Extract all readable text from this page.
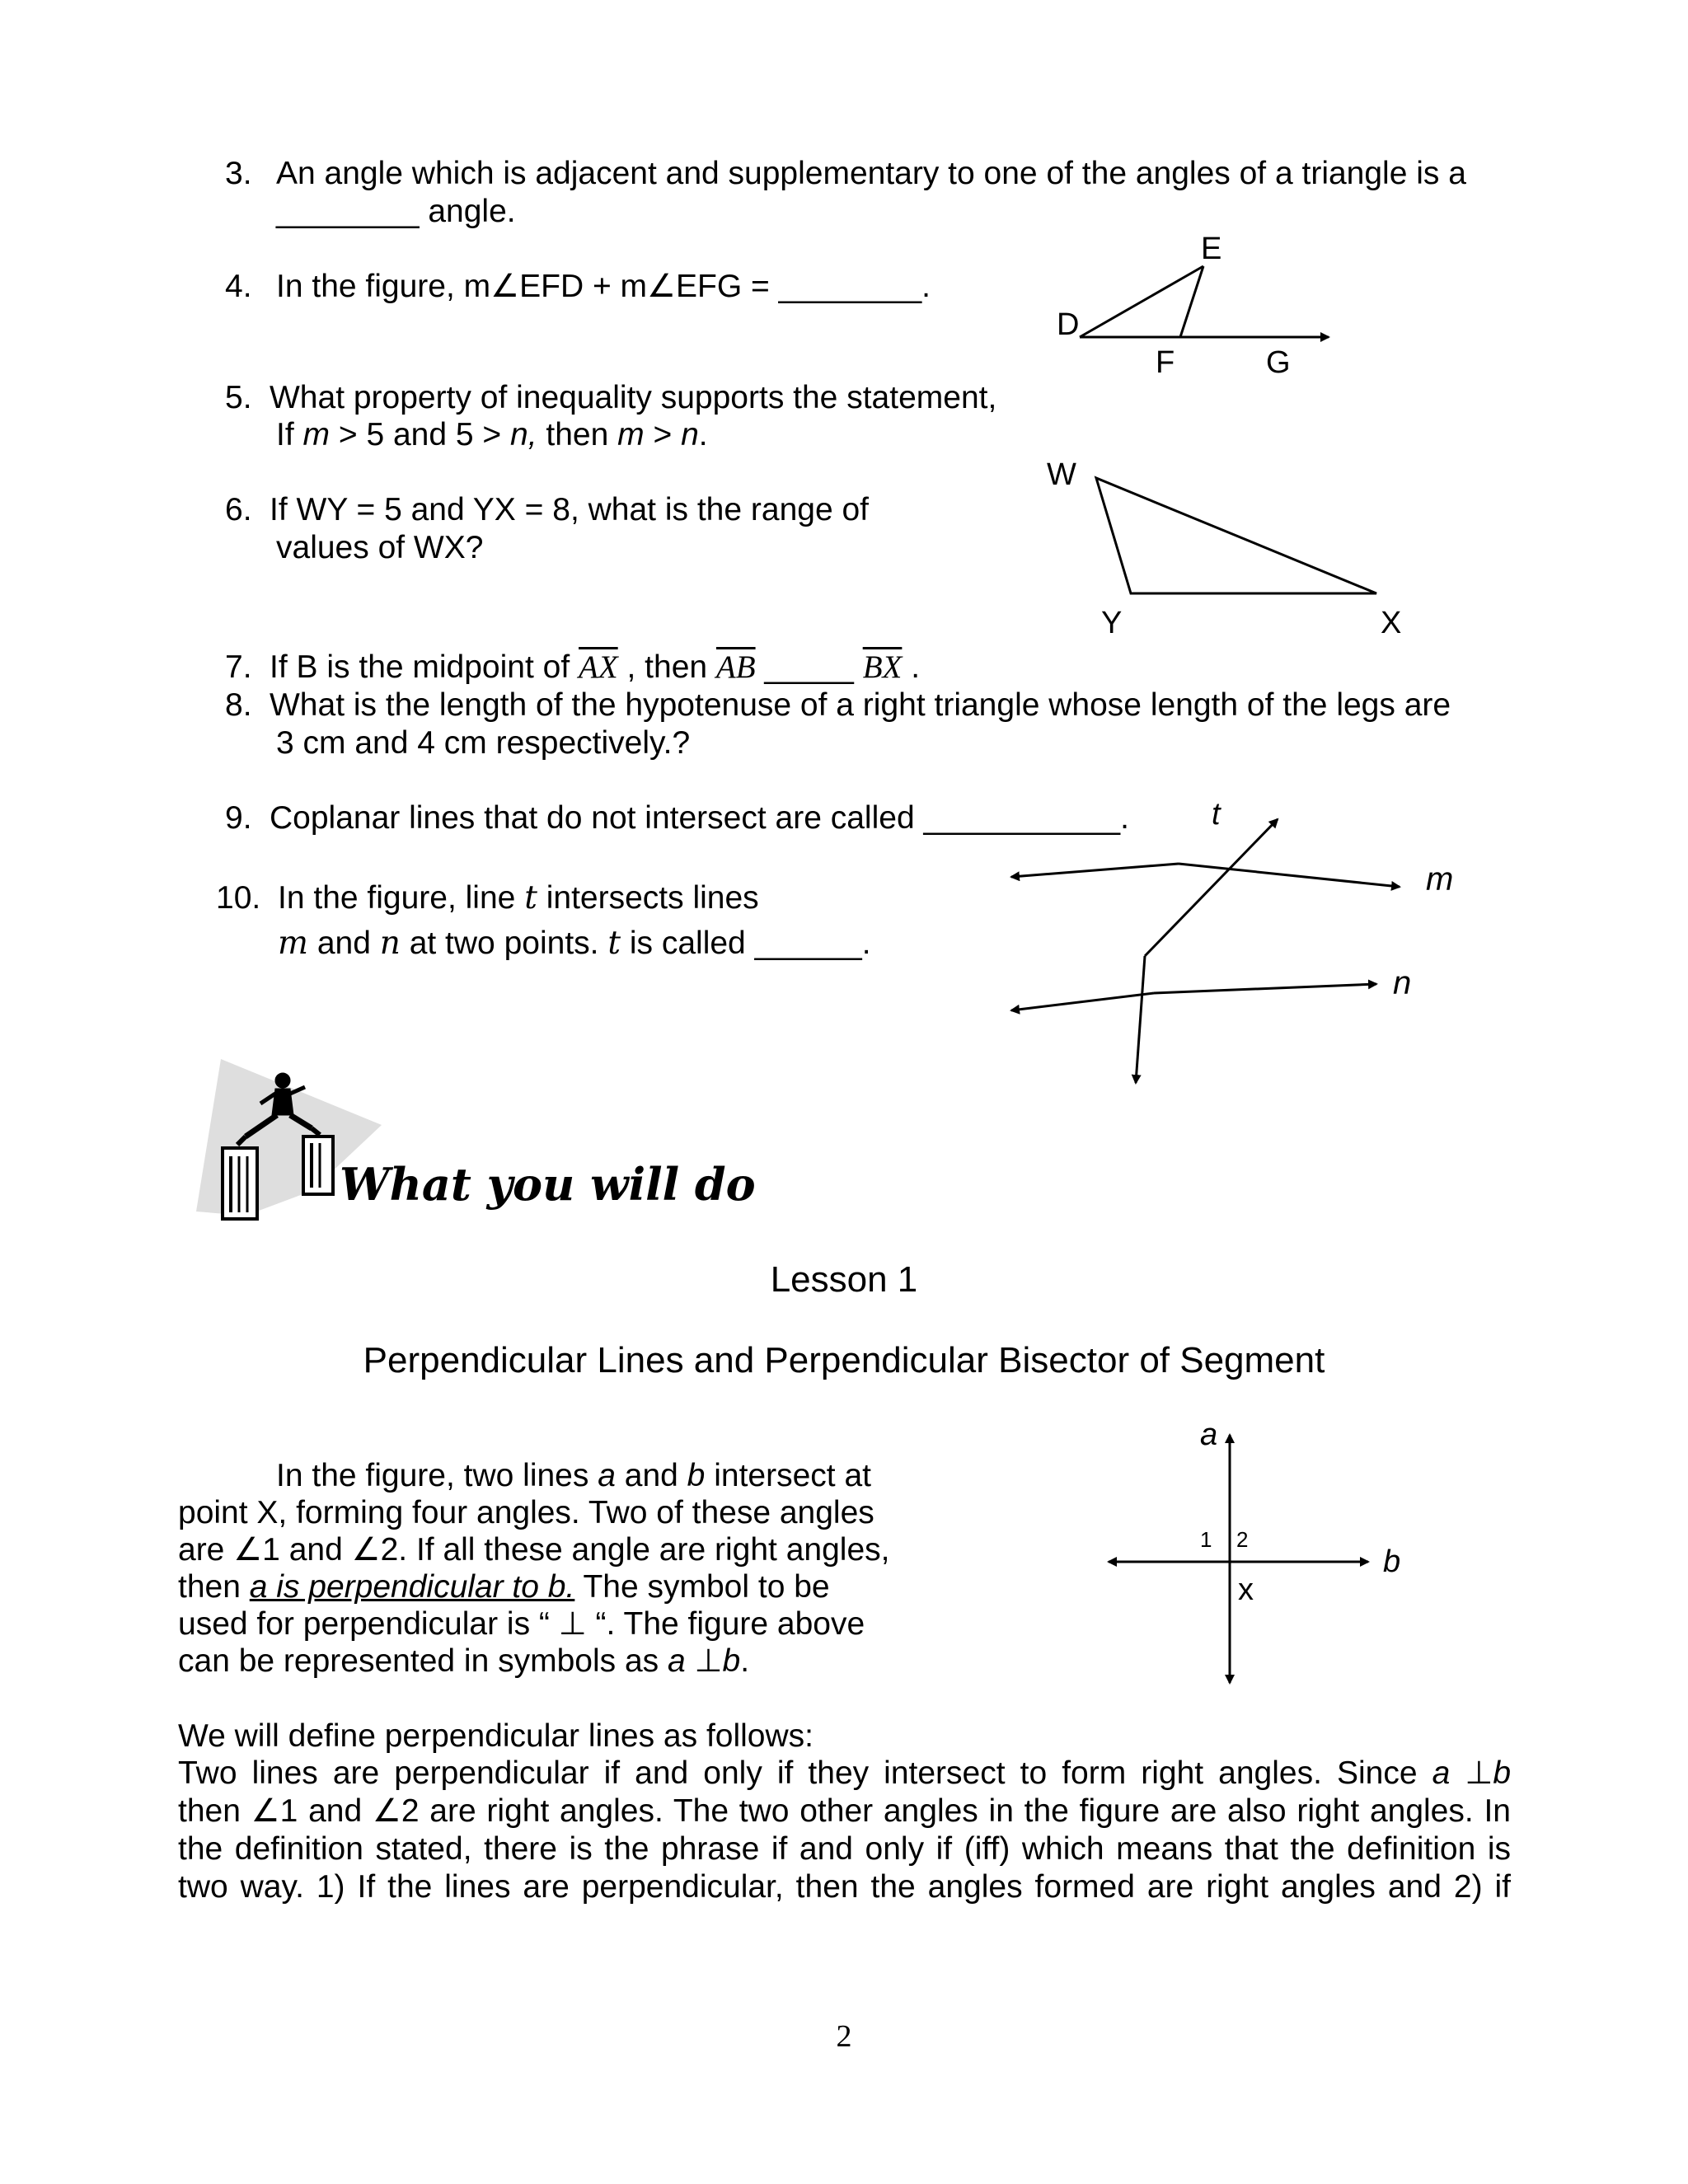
3. An angle which is adjacent and supplementary to one of the angles of a triangle is a
________ angle.
4. In the figure, m∠EFD + m∠EFG = ________.
E
D
F	G
5. What property of inequality supports the statement,
If m > 5 and 5 > n, then m > n.
W
Y	X
6. If WY = 5 and YX = 8, what is the range of
values of WX?
7. If B is the midpoint of $\overline{AX}$ , then $\overline{AB}$ _____ $\overline{BX}$ .
8. What is the length of the hypotenuse of a right triangle whose length of the legs are
3 cm and 4 cm respectively.?
9. Coplanar lines that do not intersect are called ___________.
10. In the figure, line t intersects lines
m and n at two points. t is called ______.
t
m
n
What you will do
Lesson 1
Perpendicular Lines and Perpendicular Bisector of Segment
In the figure, two lines a and b intersect at
point X, forming four angles. Two of these angles
are ∠1 and ∠2. If all these angle are right angles,
then a is perpendicular to b. The symbol to be
used for perpendicular is “ ⊥ “. The figure above
can be represented in symbols as a ⊥b.
a
1 2
b
x
We will define perpendicular lines as follows:
Two lines are perpendicular if and only if they intersect to form right angles. Since a ⊥b
then ∠1 and ∠2 are right angles. The two other angles in the figure are also right angles. In
the definition stated, there is the phrase if and only if (iff) which means that the definition is
two way. 1) If the lines are perpendicular, then the angles formed are right angles and 2) if
2
